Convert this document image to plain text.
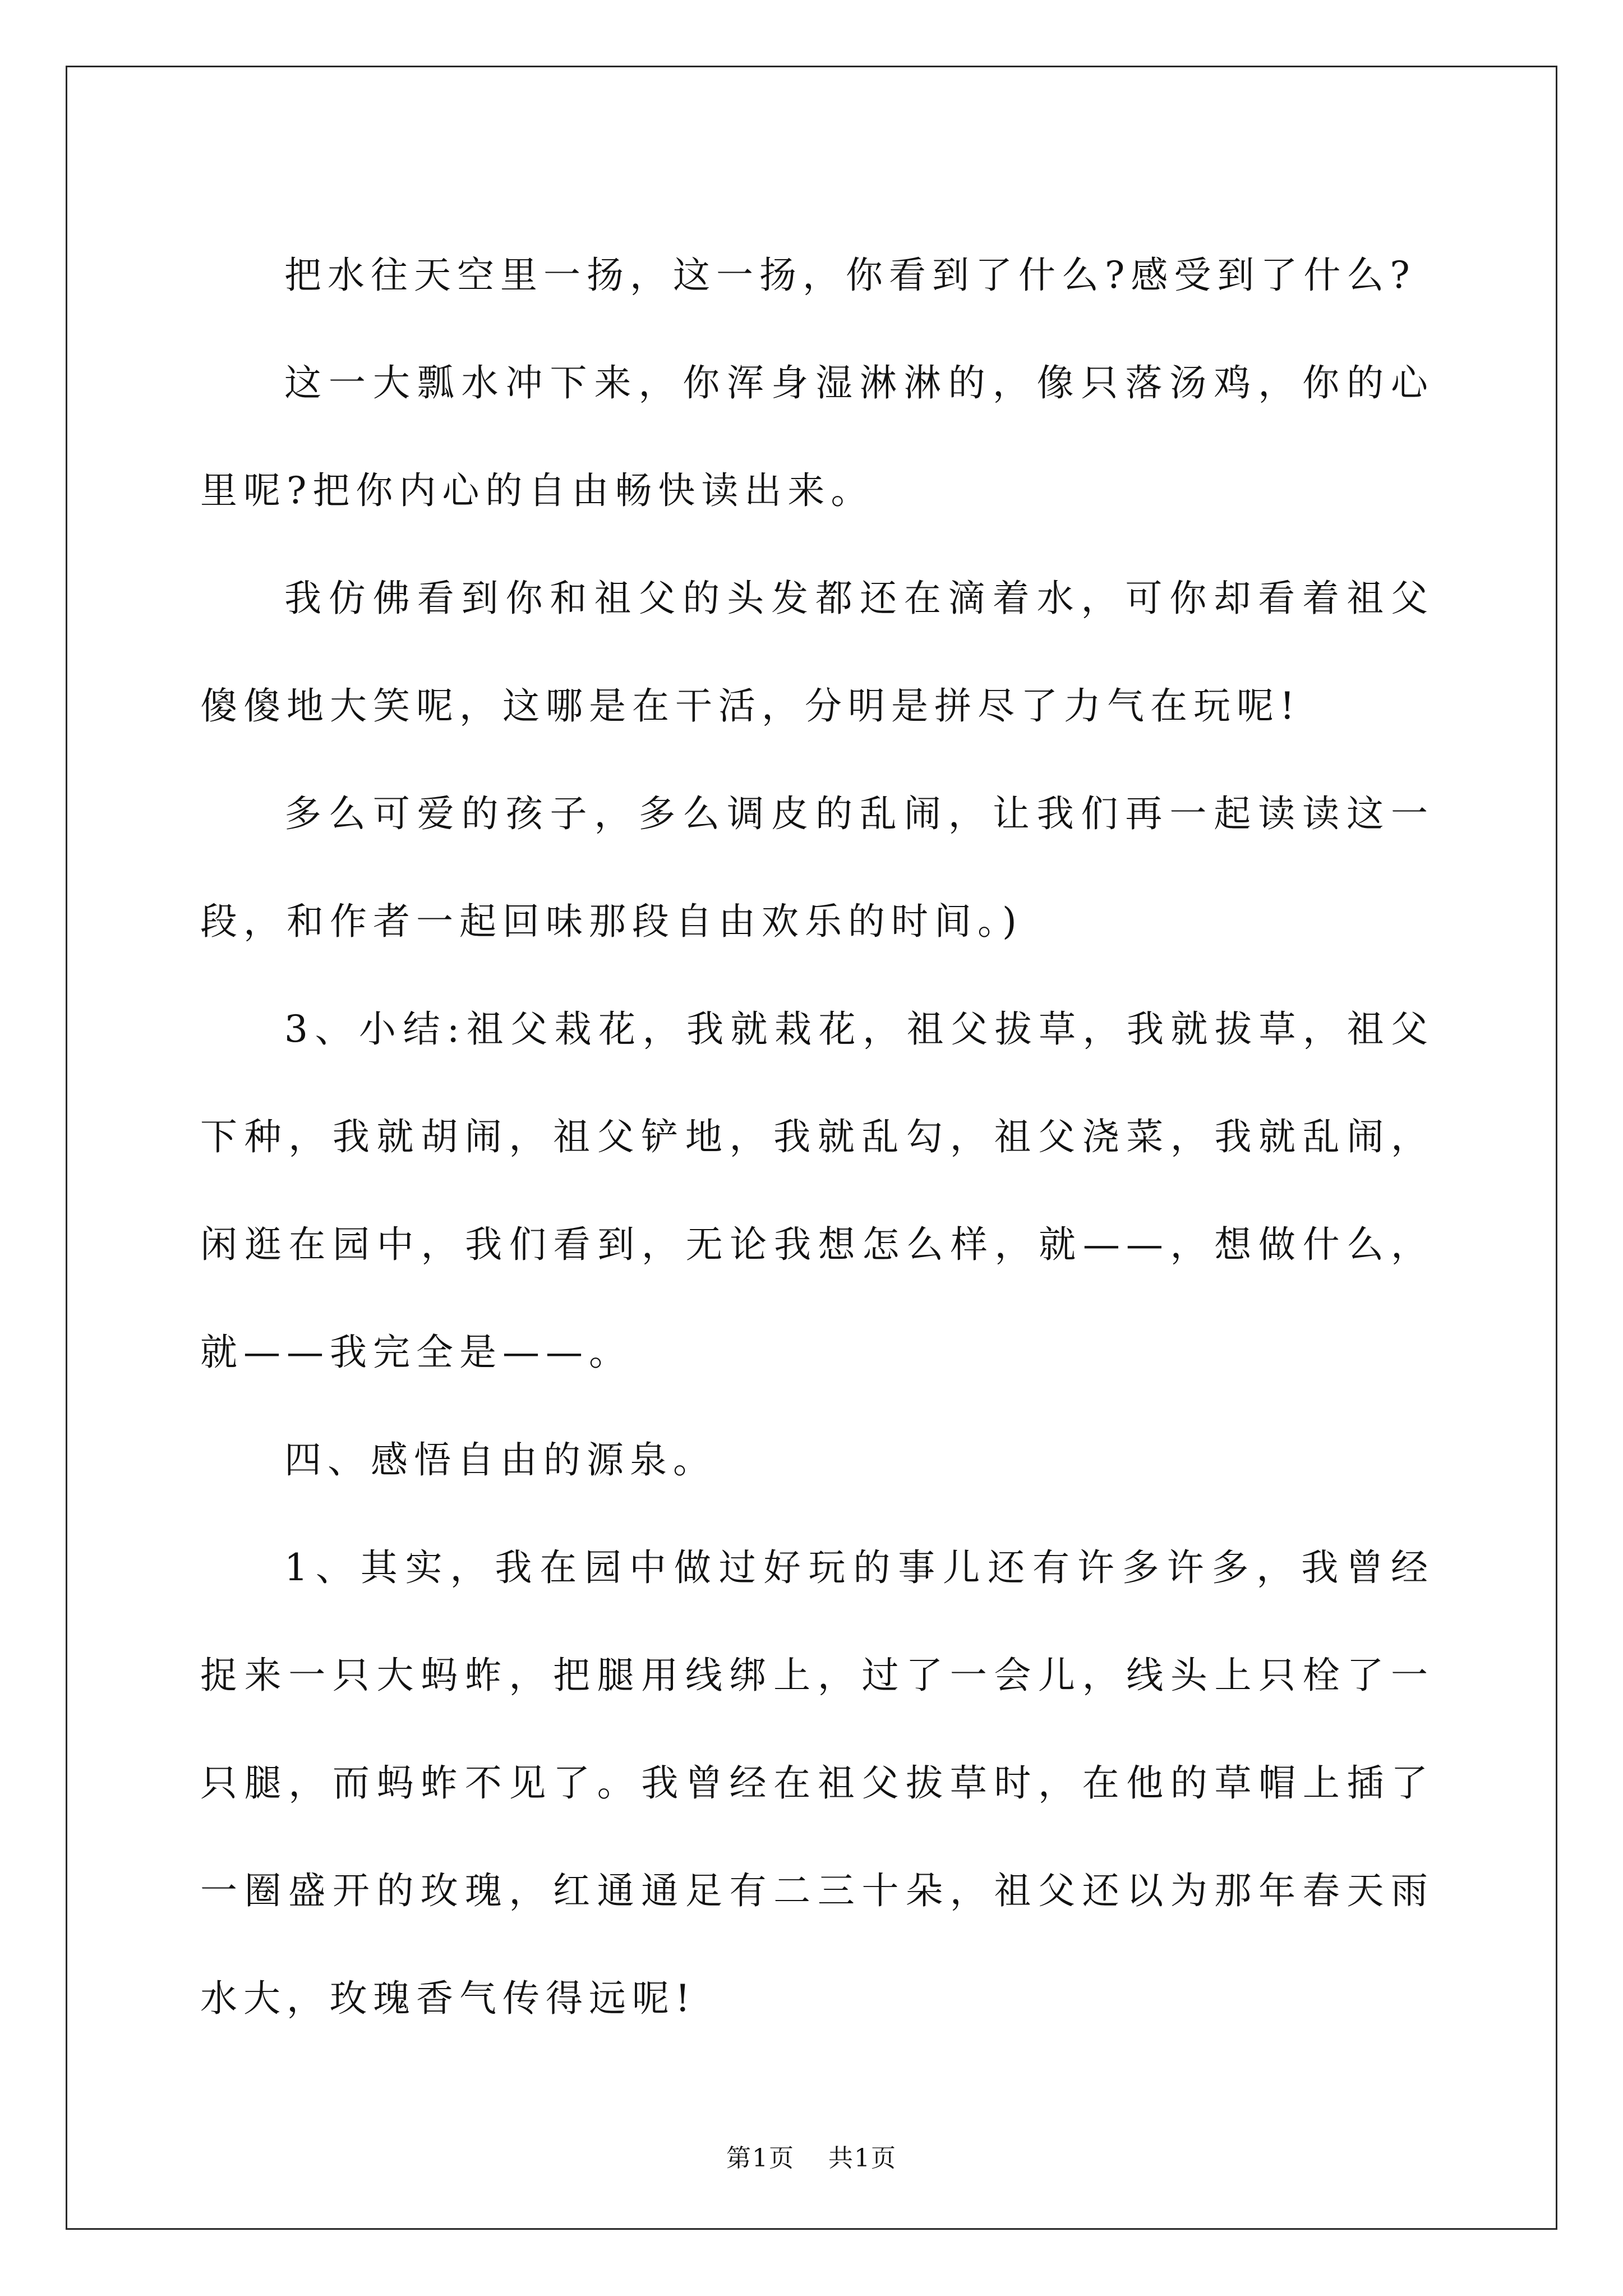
把水往天空里一扬，这一扬，你看到了什么?感受到了什么?

这一大瓢水冲下来，你浑身湿淋淋的，像只落汤鸡，你的心里呢?把你内心的自由畅快读出来。

我仿佛看到你和祖父的头发都还在滴着水，可你却看着祖父傻傻地大笑呢，这哪是在干活，分明是拼尽了力气在玩呢!

多么可爱的孩子，多么调皮的乱闹，让我们再一起读读这一段，和作者一起回味那段自由欢乐的时间。)

3、小结:祖父栽花，我就栽花，祖父拔草，我就拔草，祖父下种，我就胡闹，祖父铲地，我就乱勾，祖父浇菜，我就乱闹，闲逛在园中，我们看到，无论我想怎么样，就——，想做什么，就——我完全是——。

四、感悟自由的源泉。

1、其实，我在园中做过好玩的事儿还有许多许多，我曾经捉来一只大蚂蚱，把腿用线绑上，过了一会儿，线头上只栓了一只腿，而蚂蚱不见了。我曾经在祖父拔草时，在他的草帽上插了一圈盛开的玫瑰，红通通足有二三十朵，祖父还以为那年春天雨水大，玫瑰香气传得远呢!

第1页 共1页
